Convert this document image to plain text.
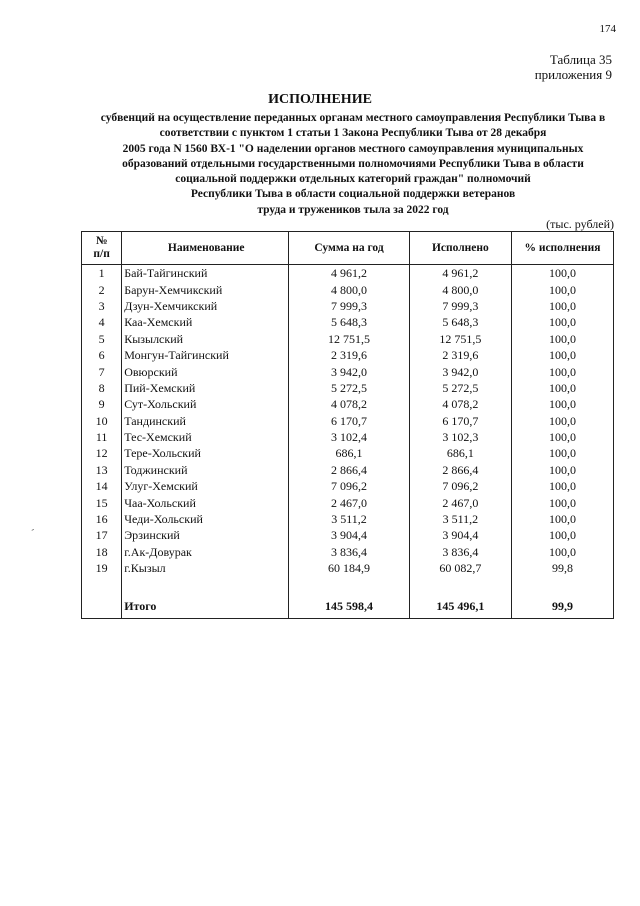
174
Таблица 35
приложения 9
ИСПОЛНЕНИЕ
субвенций на осуществление переданных органам местного самоуправления Республики Тыва в
соответствии с пунктом 1 статьи 1 Закона Республики Тыва от 28 декабря
2005 года N 1560 ВХ-1 "О наделении органов местного самоуправления муниципальных
образований отдельными государственными полномочиями Республики Тыва в области
социальной поддержки отдельных категорий граждан" полномочий
Республики Тыва в области социальной поддержки ветеранов
труда и тружеников тыла за 2022 год
(тыс. рублей)
№
п/п	Наименование	Сумма на год	Исполнено	% исполнения
1	Бай-Тайгинский	4 961,2	4 961,2	100,0
2	Барун-Хемчикский	4 800,0	4 800,0	100,0
3	Дзун-Хемчикский	7 999,3	7 999,3	100,0
4	Каа-Хемский	5 648,3	5 648,3	100,0
5	Кызылский	12 751,5	12 751,5	100,0
6	Монгун-Тайгинский	2 319,6	2 319,6	100,0
7	Овюрский	3 942,0	3 942,0	100,0
8	Пий-Хемский	5 272,5	5 272,5	100,0
9	Сут-Хольский	4 078,2	4 078,2	100,0
10	Тандинский	6 170,7	6 170,7	100,0
11	Тес-Хемский	3 102,4	3 102,3	100,0
12	Тере-Хольский	686,1	686,1	100,0
13	Тоджинский	2 866,4	2 866,4	100,0
14	Улуг-Хемский	7 096,2	7 096,2	100,0
15	Чаа-Хольский	2 467,0	2 467,0	100,0
16	Чеди-Хольский	3 511,2	3 511,2	100,0
17	Эрзинский	3 904,4	3 904,4	100,0
18	г.Ак-Довурак	3 836,4	3 836,4	100,0
19	г.Кызыл	60 184,9	60 082,7	99,8

	Итого	145 598,4	145 496,1	99,9
-
